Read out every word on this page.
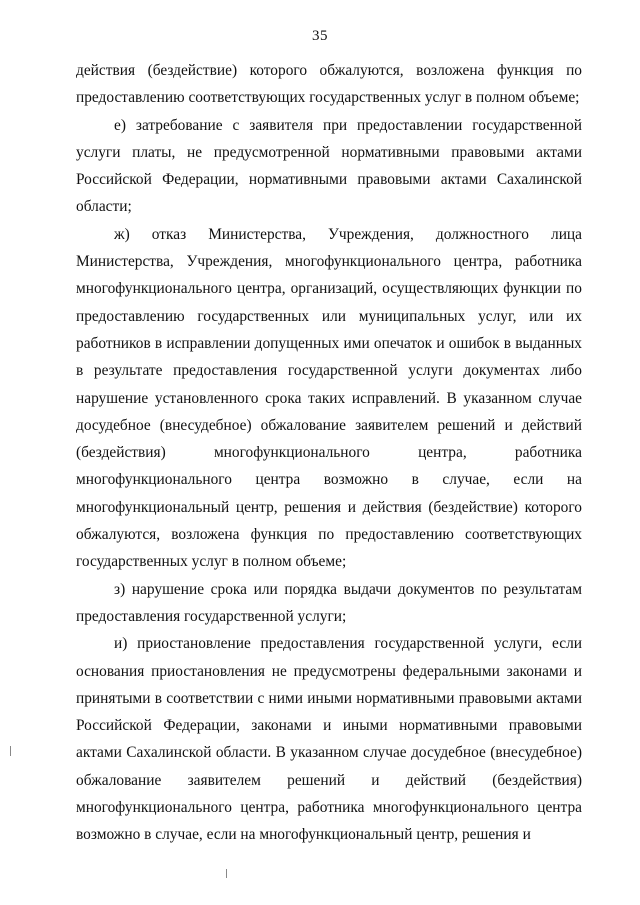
35

действия (бездействие) которого обжалуются, возложена функция по предоставлению соответствующих государственных услуг в полном объеме;

е) затребование с заявителя при предоставлении государственной услуги платы, не предусмотренной нормативными правовыми актами Российской Федерации, нормативными правовыми актами Сахалинской области;

ж) отказ Министерства, Учреждения, должностного лица Министерства, Учреждения, многофункционального центра, работника многофункционального центра, организаций, осуществляющих функции по предоставлению государственных или муниципальных услуг, или их работников в исправлении допущенных ими опечаток и ошибок в выданных в результате предоставления государственной услуги документах либо нарушение установленного срока таких исправлений. В указанном случае досудебное (внесудебное) обжалование заявителем решений и действий (бездействия) многофункционального центра, работника многофункционального центра возможно в случае, если на многофункциональный центр, решения и действия (бездействие) которого обжалуются, возложена функция по предоставлению соответствующих государственных услуг в полном объеме;

з) нарушение срока или порядка выдачи документов по результатам предоставления государственной услуги;

и) приостановление предоставления государственной услуги, если основания приостановления не предусмотрены федеральными законами и принятыми в соответствии с ними иными нормативными правовыми актами Российской Федерации, законами и иными нормативными правовыми актами Сахалинской области. В указанном случае досудебное (внесудебное) обжалование заявителем решений и действий (бездействия) многофункционального центра, работника многофункционального центра возможно в случае, если на многофункциональный центр, решения и
